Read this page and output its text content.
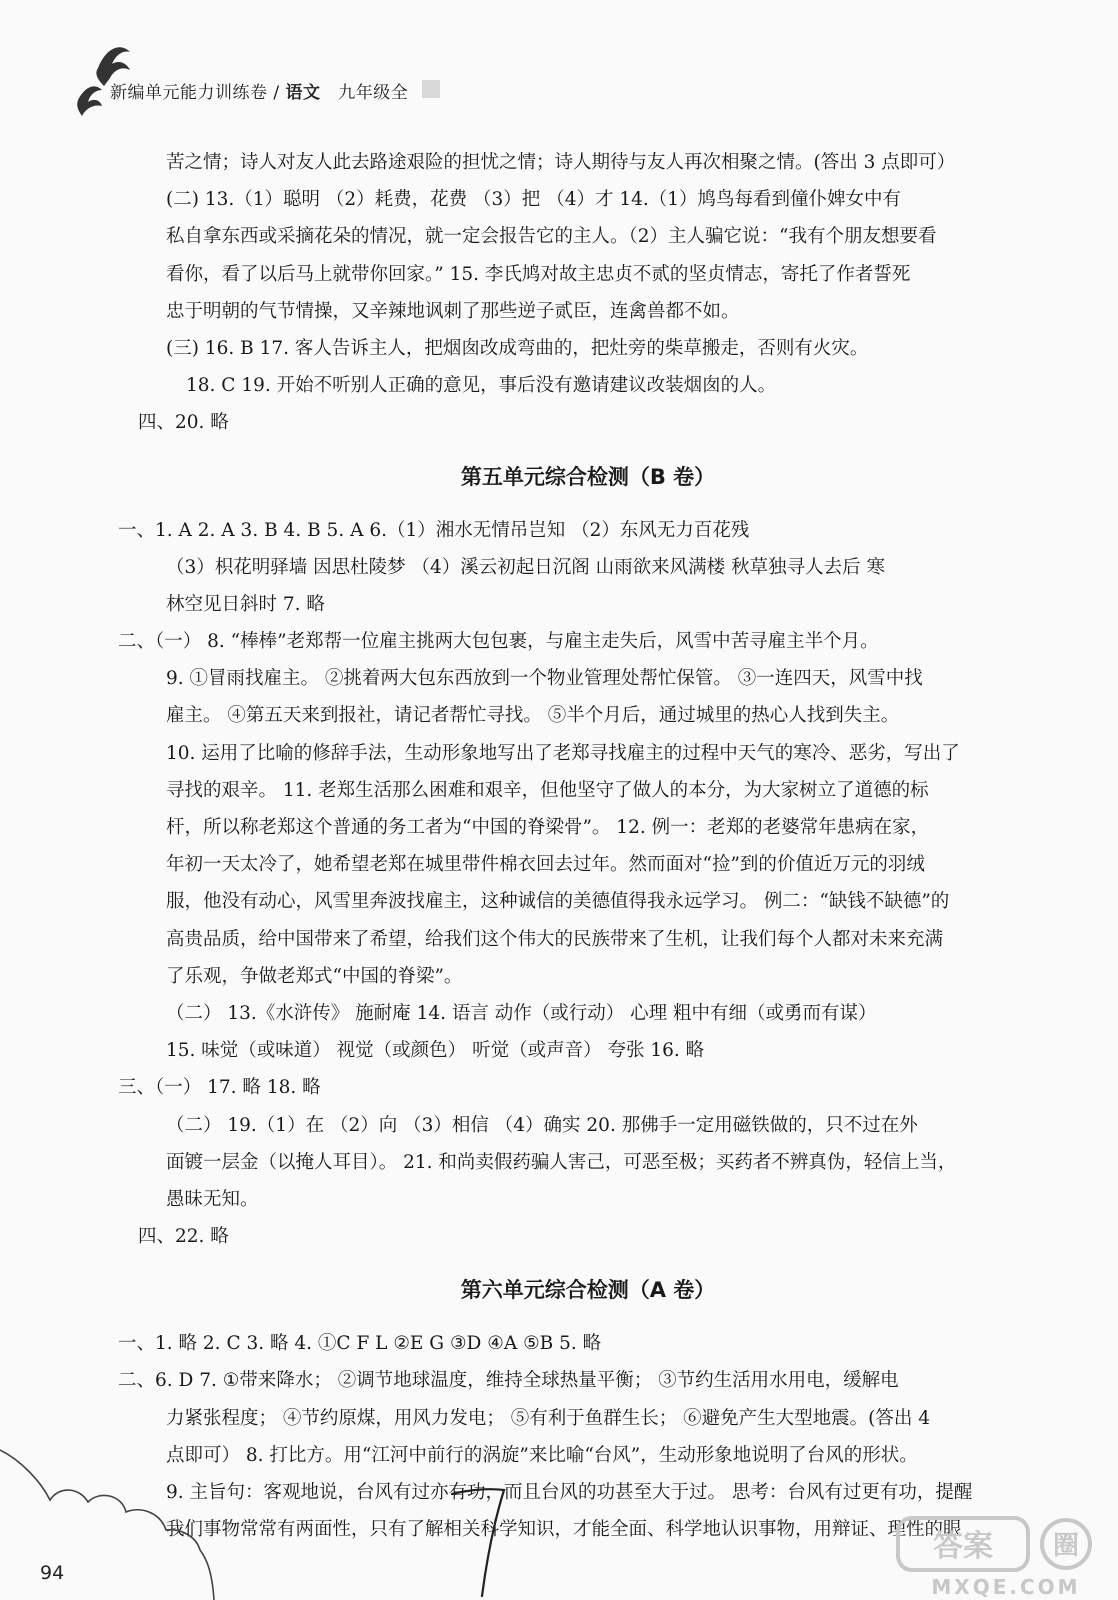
新编单元能力训练卷 / 语文 九年级全
苦之情；诗人对友人此去路途艰险的担忧之情；诗人期待与友人再次相聚之情。(答出 3 点即可）
(二) 13.（1）聪明 （2）耗费，花费 （3）把 （4）才 14.（1）鸠鸟每看到僮仆婢女中有
私自拿东西或采摘花朵的情况，就一定会报告它的主人。（2）主人骗它说：“我有个朋友想要看
看你，看了以后马上就带你回家。” 15. 李氏鸠对故主忠贞不贰的坚贞情志，寄托了作者誓死
忠于明朝的气节情操，又辛辣地讽刺了那些逆子贰臣，连禽兽都不如。
(三) 16. B 17. 客人告诉主人，把烟囱改成弯曲的，把灶旁的柴草搬走，否则有火灾。
18. C 19. 开始不听别人正确的意见，事后没有邀请建议改装烟囱的人。
四、20. 略
第五单元综合检测（B 卷）
一、1. A 2. A 3. B 4. B 5. A 6.（1）湘水无情吊岂知 （2）东风无力百花残
（3）枳花明驿墙 因思杜陵梦 （4）溪云初起日沉阁 山雨欲来风满楼 秋草独寻人去后 寒
林空见日斜时 7. 略
二、（一） 8. “棒棒”老郑帮一位雇主挑两大包包裹，与雇主走失后，风雪中苦寻雇主半个月。
9. ①冒雨找雇主。 ②挑着两大包东西放到一个物业管理处帮忙保管。 ③一连四天，风雪中找
雇主。 ④第五天来到报社，请记者帮忙寻找。 ⑤半个月后，通过城里的热心人找到失主。
10. 运用了比喻的修辞手法，生动形象地写出了老郑寻找雇主的过程中天气的寒冷、恶劣，写出了
寻找的艰辛。 11. 老郑生活那么困难和艰辛，但他坚守了做人的本分，为大家树立了道德的标
杆，所以称老郑这个普通的务工者为“中国的脊梁骨”。 12. 例一：老郑的老婆常年患病在家，
年初一天太冷了，她希望老郑在城里带件棉衣回去过年。然而面对“捡”到的价值近万元的羽绒
服，他没有动心，风雪里奔波找雇主，这种诚信的美德值得我永远学习。 例二：“缺钱不缺德”的
高贵品质，给中国带来了希望，给我们这个伟大的民族带来了生机，让我们每个人都对未来充满
了乐观，争做老郑式“中国的脊梁”。
（二） 13.《水浒传》 施耐庵 14. 语言 动作（或行动） 心理 粗中有细（或勇而有谋）
15. 味觉（或味道） 视觉（或颜色） 听觉（或声音） 夸张 16. 略
三、（一） 17. 略 18. 略
（二） 19.（1）在 （2）向 （3）相信 （4）确实 20. 那佛手一定用磁铁做的，只不过在外
面镀一层金（以掩人耳目）。 21. 和尚卖假药骗人害己，可恶至极；买药者不辨真伪，轻信上当，
愚昧无知。
四、22. 略
第六单元综合检测（A 卷）
一、1. 略 2. C 3. 略 4. ①C F L ②E G ③D ④A ⑤B 5. 略
二、6. D 7. ①带来降水； ②调节地球温度，维持全球热量平衡； ③节约生活用水用电，缓解电
力紧张程度； ④节约原煤，用风力发电； ⑤有利于鱼群生长； ⑥避免产生大型地震。(答出 4
点即可） 8. 打比方。用“江河中前行的涡旋”来比喻“台风”，生动形象地说明了台风的形状。
9. 主旨句：客观地说，台风有过亦有功，而且台风的功甚至大于过。 思考：台风有过更有功，提醒
我们事物常常有两面性，只有了解相关科学知识，才能全面、科学地认识事物，用辩证、理性的眼
94
答案 圈
MXQE.COM
